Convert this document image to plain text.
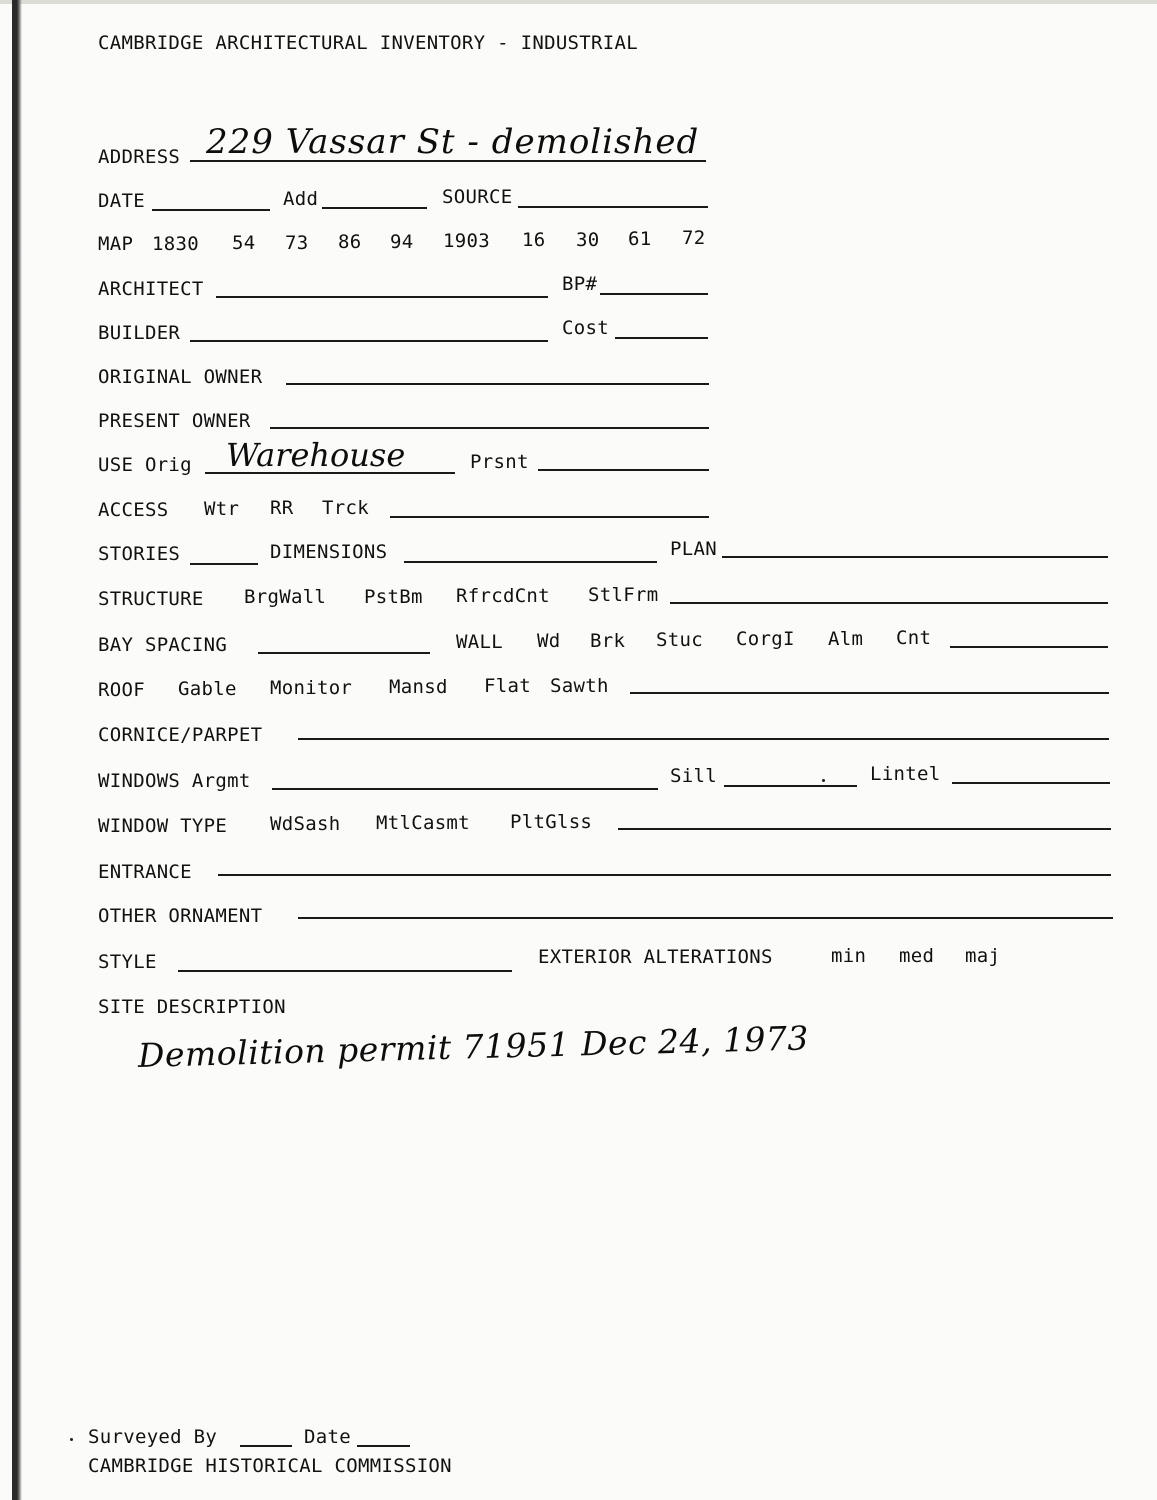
CAMBRIDGE ARCHITECTURAL INVENTORY - INDUSTRIAL
ADDRESS 229 Vassar St - demolished
DATE	Add	SOURCE
MAP 1830 54 73 86 94 1903 16 30 61 72
ARCHITECT	BP#
BUILDER	Cost
ORIGINAL OWNER
PRESENT OWNER
USE Orig Warehouse	Prsnt
ACCESS Wtr RR Trck
STORIES	DIMENSIONS	PLAN
STRUCTURE BrgWall PstBm RfrcdCnt StlFrm
BAY SPACING	WALL Wd Brk Stuc CorgI Alm Cnt
ROOF Gable Monitor Mansd Flat Sawth
CORNICE/PARPET
WINDOWS Argmt	Sill	Lintel
WINDOW TYPE WdSash MtlCasmt PltGlss
ENTRANCE
OTHER ORNAMENT
STYLE	EXTERIOR ALTERATIONS	min med maj
SITE DESCRIPTION
Demolition permit 71951 Dec 24, 1973
Surveyed By	Date
CAMBRIDGE HISTORICAL COMMISSION
